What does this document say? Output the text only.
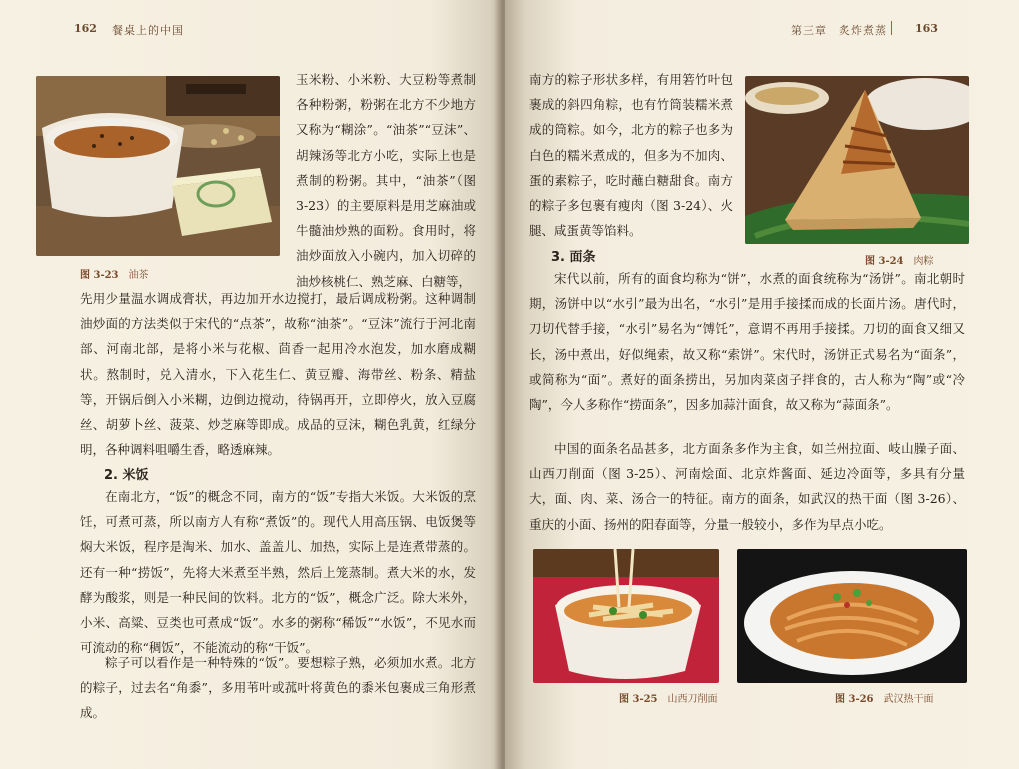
162 餐桌上的中国
图 3-23 油茶

玉米粉、小米粉、大豆粉等煮制各种粉粥，粉粥在北方不少地方又称为“糊涂”。“油茶”“豆沫”、胡辣汤等北方小吃，实际上也是煮制的粉粥。其中，“油茶”（图 3-23）的主要原料是用芝麻油或牛髓油炒熟的面粉。食用时，将油炒面放入小碗内，加入切碎的油炒核桃仁、熟芝麻、白糖等，

先用少量温水调成膏状，再边加开水边搅打，最后调成粉粥。这种调制油炒面的方法类似于宋代的“点茶”，故称“油茶”。“豆沫”流行于河北南部、河南北部，是将小米与花椒、茴香一起用冷水泡发，加水磨成糊状。熬制时，兑入清水，下入花生仁、黄豆瓣、海带丝、粉条、精盐等，开锅后倒入小米糊，边倒边搅动，待锅再开，立即停火，放入豆腐丝、胡萝卜丝、菠菜、炒芝麻等即成。成品的豆沫，糊色乳黄，红绿分明，各种调料咀嚼生香，略透麻辣。

2. 米饭

在南北方，“饭”的概念不同，南方的“饭”专指大米饭。大米饭的烹饪，可煮可蒸，所以南方人有称“煮饭”的。现代人用高压锅、电饭煲等焖大米饭，程序是淘米、加水、盖盖儿、加热，实际上是连煮带蒸的。还有一种“捞饭”，先将大米煮至半熟，然后上笼蒸制。煮大米的水，发酵为酸浆，则是一种民间的饮料。北方的“饭”，概念广泛。除大米外，小米、高粱、豆类也可煮成“饭”。水多的粥称“稀饭”“水饭”，不见水而可流动的称“稠饭”，不能流动的称“干饭”。

粽子可以看作是一种特殊的“饭”。要想粽子熟，必须加水煮。北方的粽子，过去名“角黍”，多用苇叶或菰叶将黄色的黍米包裹成三角形煮成。

第三章　炙炸煮蒸	163

南方的粽子形状多样，有用箬竹叶包裹成的斜四角粽，也有竹筒装糯米煮成的筒粽。如今，北方的粽子也多为白色的糯米煮成的，但多为不加肉、蛋的素粽子，吃时蘸白糖甜食。南方的粽子多包裹有瘦肉（图 3-24）、火腿、咸蛋黄等馅料。

图 3-24 肉粽

3. 面条

宋代以前，所有的面食均称为“饼”，水煮的面食统称为“汤饼”。南北朝时期，汤饼中以“水引”最为出名，“水引”是用手接揉而成的长面片汤。唐代时，刀切代替手接，“水引”易名为“馎饦”，意谓不再用手接揉。刀切的面食又细又长，汤中煮出，好似绳索，故又称“索饼”。宋代时，汤饼正式易名为“面条”，或简称为“面”。煮好的面条捞出，另加肉菜卤子拌食的，古人称为“陶”或“冷陶”，今人多称作“捞面条”，因多加蒜汁面食，故又称为“蒜面条”。

中国的面条名品甚多，北方面条多作为主食，如兰州拉面、岐山臊子面、山西刀削面（图 3-25）、河南烩面、北京炸酱面、延边冷面等，多具有分量大，面、肉、菜、汤合一的特征。南方的面条，如武汉的热干面（图 3-26）、重庆的小面、扬州的阳春面等，分量一般较小，多作为早点小吃。

图 3-25 山西刀削面	图 3-26 武汉热干面
